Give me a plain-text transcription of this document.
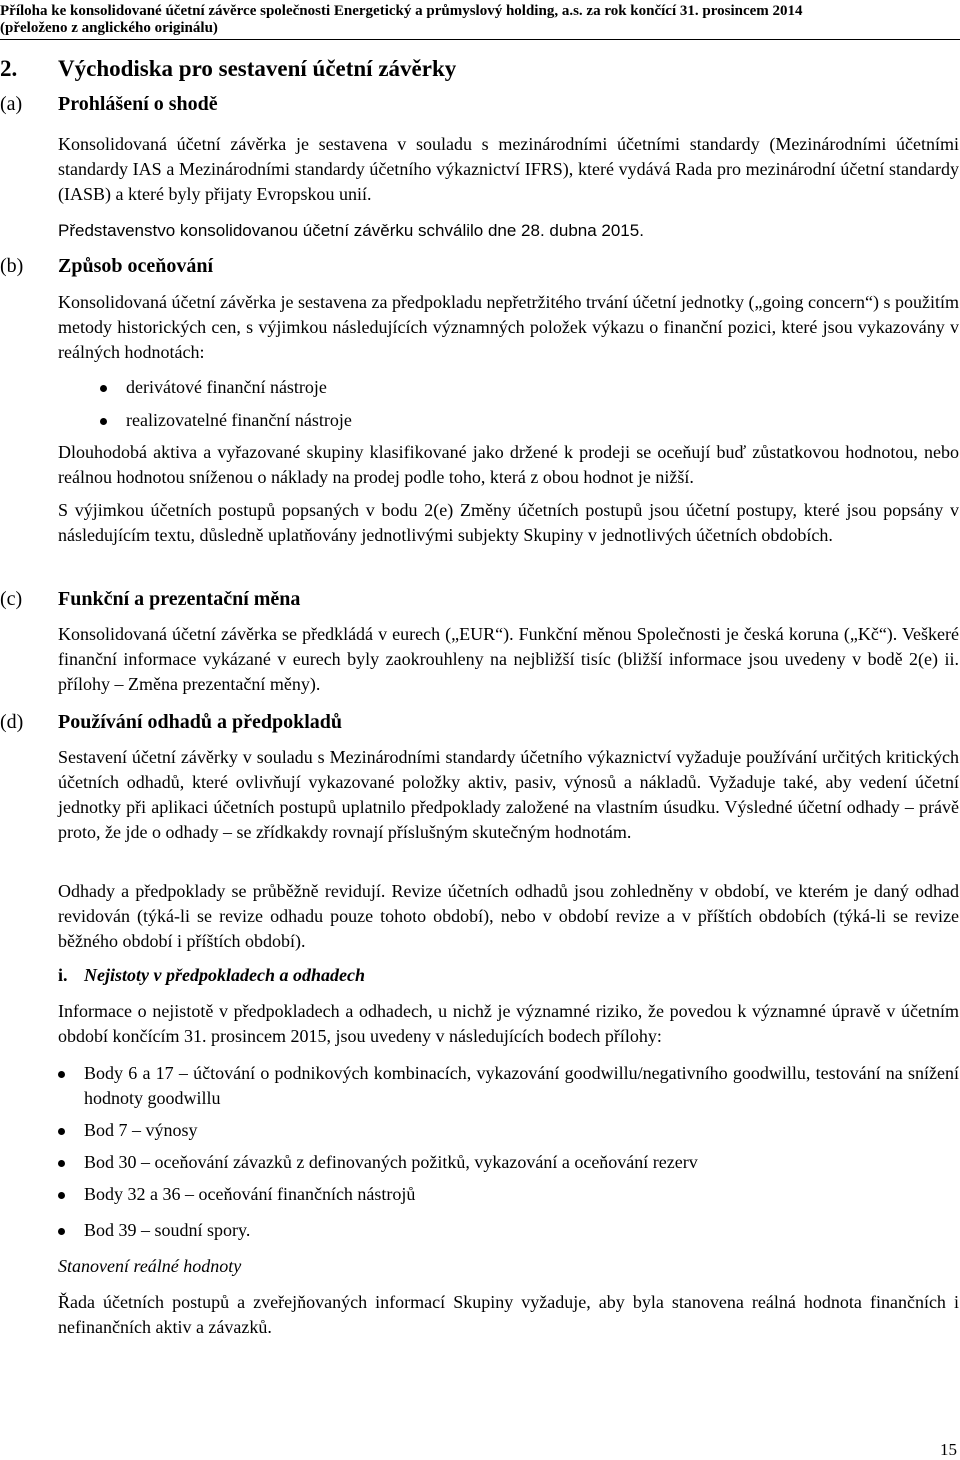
Příloha ke konsolidované účetní závěrce společnosti Energetický a průmyslový holding, a.s. za rok končící 31. prosincem 2014
(přeloženo z anglického originálu)
2. Východiska pro sestavení účetní závěrky
(a) Prohlášení o shodě

Konsolidovaná účetní závěrka je sestavena v souladu s mezinárodními účetními standardy (Mezinárodními účetními standardy IAS a Mezinárodními standardy účetního výkaznictví IFRS), které vydává Rada pro mezinárodní účetní standardy (IASB) a které byly přijaty Evropskou unií.

Představenstvo konsolidovanou účetní závěrku schválilo dne 28. dubna 2015.

(b) Způsob oceňování

Konsolidovaná účetní závěrka je sestavena za předpokladu nepřetržitého trvání účetní jednotky („going concern“) s použitím metody historických cen, s výjimkou následujících významných položek výkazu o finanční pozici, které jsou vykazovány v reálných hodnotách:

derivátové finanční nástroje
realizovatelné finanční nástroje

Dlouhodobá aktiva a vyřazované skupiny klasifikované jako držené k prodeji se oceňují buď zůstatkovou hodnotou, nebo reálnou hodnotou sníženou o náklady na prodej podle toho, která z obou hodnot je nižší.

S výjimkou účetních postupů popsaných v bodu 2(e) Změny účetních postupů jsou účetní postupy, které jsou popsány v následujícím textu, důsledně uplatňovány jednotlivými subjekty Skupiny v jednotlivých účetních obdobích.

(c) Funkční a prezentační měna

Konsolidovaná účetní závěrka se předkládá v eurech („EUR“). Funkční měnou Společnosti je česká koruna („Kč“). Veškeré finanční informace vykázané v eurech byly zaokrouhleny na nejbližší tisíc (bližší informace jsou uvedeny v bodě 2(e) ii. přílohy – Změna prezentační měny).

(d) Používání odhadů a předpokladů

Sestavení účetní závěrky v souladu s Mezinárodními standardy účetního výkaznictví vyžaduje používání určitých kritických účetních odhadů, které ovlivňují vykazované položky aktiv, pasiv, výnosů a nákladů. Vyžaduje také, aby vedení účetní jednotky při aplikaci účetních postupů uplatnilo předpoklady založené na vlastním úsudku. Výsledné účetní odhady – právě proto, že jde o odhady – se zřídkakdy rovnají příslušným skutečným hodnotám.

Odhady a předpoklady se průběžně revidují. Revize účetních odhadů jsou zohledněny v období, ve kterém je daný odhad revidován (týká-li se revize odhadu pouze tohoto období), nebo v období revize a v příštích obdobích (týká-li se revize běžného období i příštích období).

i. Nejistoty v předpokladech a odhadech

Informace o nejistotě v předpokladech a odhadech, u nichž je významné riziko, že povedou k významné úpravě v účetním období končícím 31. prosincem 2015, jsou uvedeny v následujících bodech přílohy:

Body 6 a 17 – účtování o podnikových kombinacích, vykazování goodwillu/negativního goodwillu, testování na snížení hodnoty goodwillu
Bod 7 – výnosy
Bod 30 – oceňování závazků z definovaných požitků, vykazování a oceňování rezerv
Body 32 a 36 – oceňování finančních nástrojů
Bod 39 – soudní spory.
Stanovení reálné hodnoty

Řada účetních postupů a zveřejňovaných informací Skupiny vyžaduje, aby byla stanovena reálná hodnota finančních i nefinančních aktiv a závazků.

15
